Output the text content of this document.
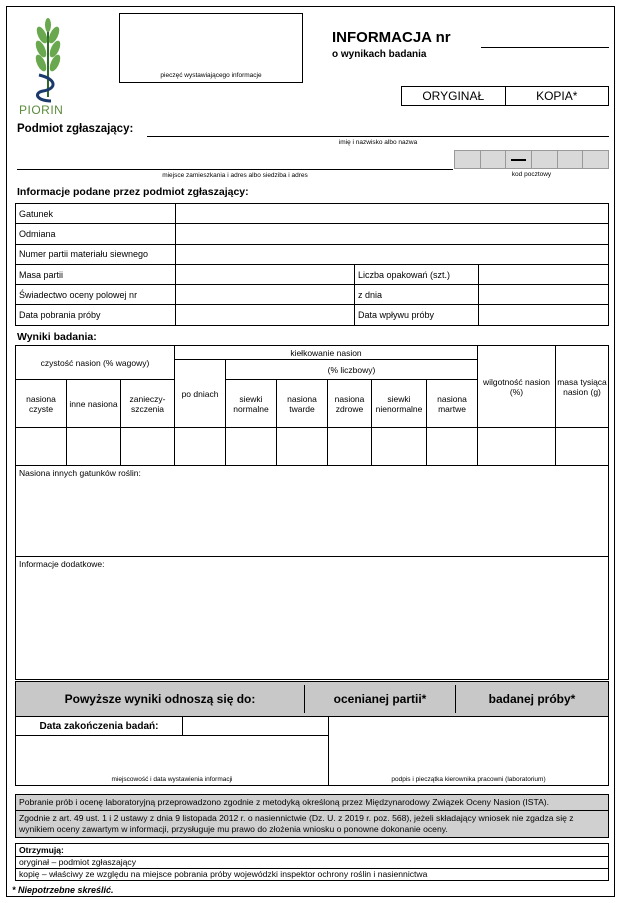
PIORIN
pieczęć wystawiającego informacje
INFORMACJA nr
o wynikach badania
ORYGINAŁ	KOPIA*
Podmiot zgłaszający:
imię i nazwisko albo nazwa
miejsce zamieszkania i adres albo siedziba i adres	kod pocztowy
Informacje podane przez podmiot zgłaszający:
Gatunek			
Odmiana			
Numer partii materiału siewnego			
Masa partii		Liczba opakowań (szt.)	
Świadectwo oceny polowej nr		z dnia	
Data pobrania próby		Data wpływu próby	
Wyniki badania:
czystość nasion (% wagowy)			kiełkowanie nasion						wilgotność nasion (%)	masa tysiąca nasion (g)
			po dniach	(% liczbowy)						
nasiona czyste	inne nasiona	zanieczy-szczenia		siewki normalne	nasiona twarde	nasiona zdrowe	siewki nienormalne	nasiona martwe		

Nasiona innych gatunków roślin:
Informacje dodatkowe:
Powyższe wyniki odnoszą się do:	ocenianej partii*	badanej próby*
Data zakończenia badań:
miejscowość i data wystawienia informacji	podpis i pieczątka kierownika pracowni (laboratorium)

Pobranie prób i ocenę laboratoryjną przeprowadzono zgodnie z metodyką określoną przez Międzynarodowy Związek Oceny Nasion (ISTA).

Zgodnie z art. 49 ust. 1 i 2 ustawy z dnia 9 listopada 2012 r. o nasiennictwie (Dz. U. z 2019 r. poz. 568), jeżeli składający wniosek nie zgadza się z wynikiem oceny zawartym w informacji, przysługuje mu prawo do złożenia wniosku o ponowne dokonanie oceny.

Otrzymują:
oryginał – podmiot zgłaszający
kopię – właściwy ze względu na miejsce pobrania próby wojewódzki inspektor ochrony roślin i nasiennictwa
* Niepotrzebne skreślić.
